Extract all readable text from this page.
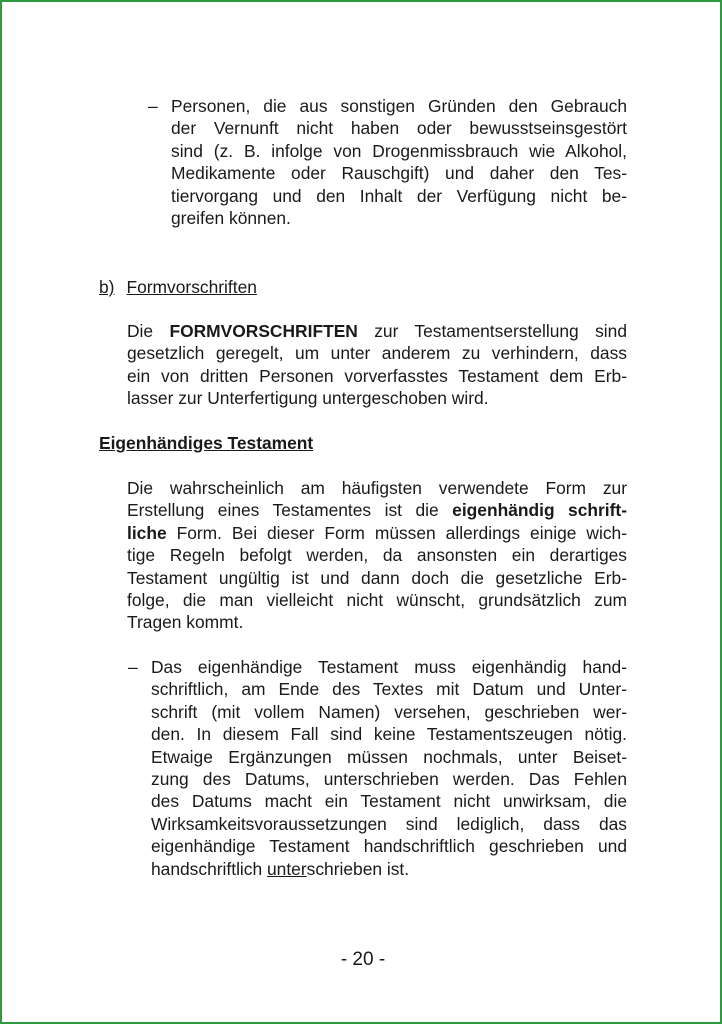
– Personen, die aus sonstigen Gründen den Gebrauch
der Vernunft nicht haben oder bewusstseinsgestört
sind (z. B. infolge von Drogenmissbrauch wie Alkohol,
Medikamente oder Rauschgift) und daher den Tes-
tiervorgang und den Inhalt der Verfügung nicht be-
greifen können.
b) Formvorschriften
Die FORMVORSCHRIFTEN zur Testamentserstellung sind
gesetzlich geregelt, um unter anderem zu verhindern, dass
ein von dritten Personen vorverfasstes Testament dem Erb-
lasser zur Unterfertigung untergeschoben wird.
Eigenhändiges Testament
Die wahrscheinlich am häufigsten verwendete Form zur
Erstellung eines Testamentes ist die eigenhändig schrift-
liche Form. Bei dieser Form müssen allerdings einige wich-
tige Regeln befolgt werden, da ansonsten ein derartiges
Testament ungültig ist und dann doch die gesetzliche Erb-
folge, die man vielleicht nicht wünscht, grundsätzlich zum
Tragen kommt.
– Das eigenhändige Testament muss eigenhändig hand-
schriftlich, am Ende des Textes mit Datum und Unter-
schrift (mit vollem Namen) versehen, geschrieben wer-
den. In diesem Fall sind keine Testamentszeugen nötig.
Etwaige Ergänzungen müssen nochmals, unter Beiset-
zung des Datums, unterschrieben werden. Das Fehlen
des Datums macht ein Testament nicht unwirksam, die
Wirksamkeitsvoraussetzungen sind lediglich, dass das
eigenhändige Testament handschriftlich geschrieben und
handschriftlich unterschrieben ist.
- 20 -
